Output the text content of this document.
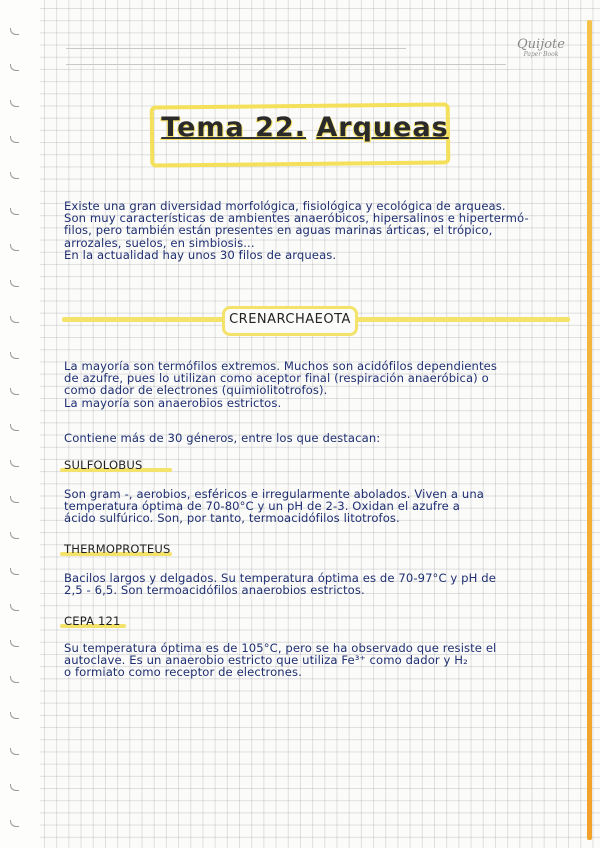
Quijote
Paper Book
Tema 22. Arqueas

Existe una gran diversidad morfológica, fisiológica y ecológica de arqueas.

Son muy características de ambientes anaeróbicos, hipersalinos e hipertermó-

filos, pero también están presentes en aguas marinas árticas, el trópico,

arrozales, suelos, en simbiosis...

En la actualidad hay unos 30 filos de arqueas.

CRENARCHAEOTA

La mayoría son termófilos extremos. Muchos son acidófilos dependientes

de azufre, pues lo utilizan como aceptor final (respiración anaeróbica) o

como dador de electrones (quimiolitotrofos).

La mayoría son anaerobios estrictos.

Contiene más de 30 géneros, entre los que destacan:

SULFOLOBUS

Son gram -, aerobios, esféricos e irregularmente abolados. Viven a una

temperatura óptima de 70-80°C y un pH de 2-3. Oxidan el azufre a

ácido sulfúrico. Son, por tanto, termoacidófilos litotrofos.

THERMOPROTEUS

Bacilos largos y delgados. Su temperatura óptima es de 70-97°C y pH de

2,5 - 6,5. Son termoacidófilos anaerobios estrictos.

CEPA 121

Su temperatura óptima es de 105°C, pero se ha observado que resiste el

autoclave. Es un anaerobio estricto que utiliza Fe³⁺ como dador y H₂

o formiato como receptor de electrones.
